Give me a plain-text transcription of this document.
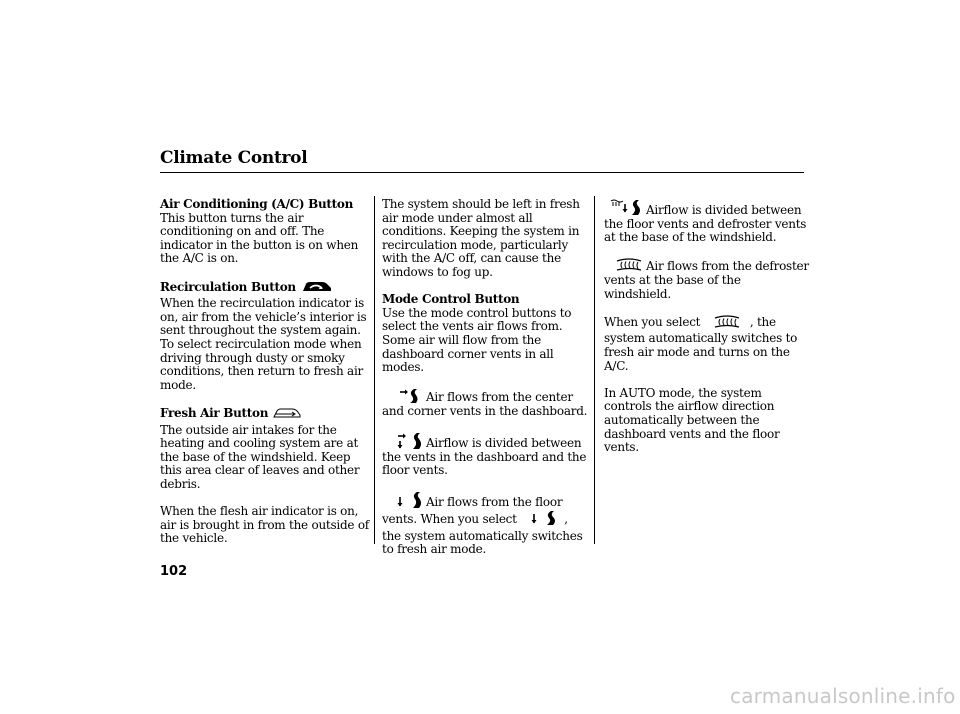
Climate Control
Air Conditioning (A/C) Button

This button turns the air conditioning on and off. The indicator in the button is on when the A/C is on.

Recirculation Button

When the recirculation indicator is on, air from the vehicle’s interior is sent throughout the system again. To select recirculation mode when driving through dusty or smoky conditions, then return to fresh air mode.

Fresh Air Button

The outside air intakes for the heating and cooling system are at the base of the windshield. Keep this area clear of leaves and other debris.

When the flesh air indicator is on, air is brought in from the outside of the vehicle.

The system should be left in fresh air mode under almost all conditions. Keeping the system in recirculation mode, particularly with the A/C off, can cause the windows to fog up.

Mode Control Button

Use the mode control buttons to select the vents air flows from. Some air will flow from the dashboard corner vents in all modes.

Air flows from the center and corner vents in the dashboard.

Airflow is divided between the vents in the dashboard and the floor vents.

Air flows from the floor vents. When you select	, the system automatically switches to fresh air mode.

Airflow is divided between the floor vents and defroster vents at the base of the windshield.

Air flows from the defroster vents at the base of the windshield.

When you select	, the system automatically switches to fresh air mode and turns on the A/C.

In AUTO mode, the system controls the airflow direction automatically between the dashboard vents and the floor vents.

102
carmanualsonline.info
